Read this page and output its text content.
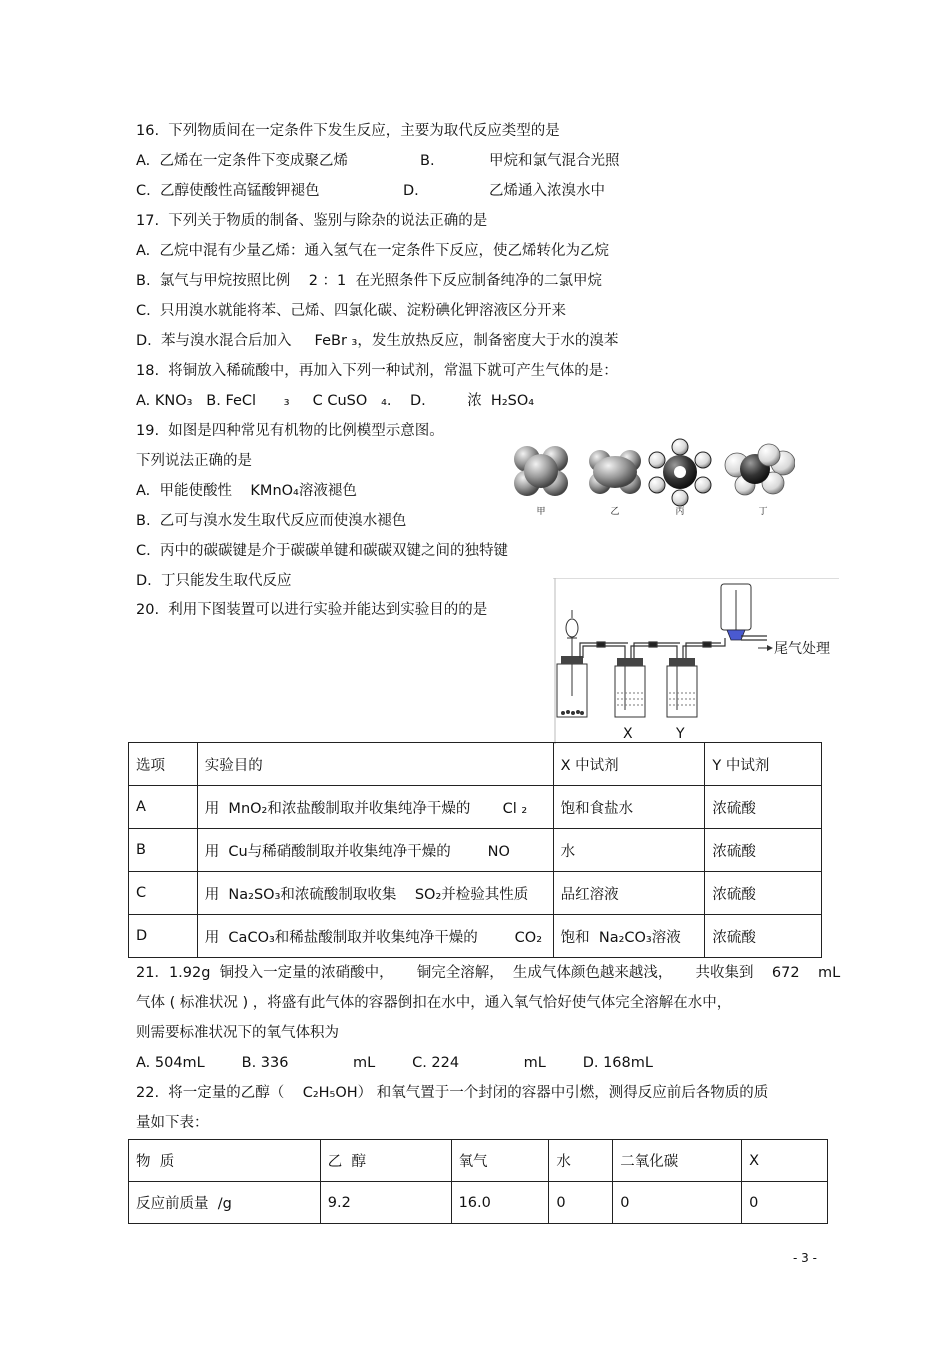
16.  下列物质间在一定条件下发生反应，主要为取代反应类型的是
A.  乙烯在一定条件下变成聚乙烯	B.	甲烷和氯气混合光照
C.  乙醇使酸性高锰酸钾褪色	D.	乙烯通入浓溴水中
17.  下列关于物质的制备、鉴别与除杂的说法正确的是
A.  乙烷中混有少量乙烯：通入氢气在一定条件下反应，使乙烯转化为乙烷
B.  氯气与甲烷按照比例    2 ：1  在光照条件下反应制备纯净的二氯甲烷
C.  只用溴水就能将苯、己烯、四氯化碳、淀粉碘化钾溶液区分开来
D.  苯与溴水混合后加入     FeBr ₃，发生放热反应，制备密度大于水的溴苯
18.  将铜放入稀硫酸中，再加入下列一种试剂，常温下就可产生气体的是：
A. KNO₃   B. FeCl      ₃     C CuSO   ₄.    D.         浓  H₂SO₄
19.  如图是四种常见有机物的比例模型示意图。
下列说法正确的是
A.  甲能使酸性    KMnO₄溶液褪色
B.  乙可与溴水发生取代反应而使溴水褪色
C.  丙中的碳碳键是介于碳碳单键和碳碳双键之间的独特键
D.  丁只能发生取代反应
甲	乙	丙	丁
20.  利用下图装置可以进行实验并能达到实验目的的是
尾气处理
X	Y
选项	实验目的	X 中试剂	Y 中试剂
A	用  MnO₂和浓盐酸制取并收集纯净干燥的       Cl ₂	饱和食盐水	浓硫酸
B	用  Cu与稀硝酸制取并收集纯净干燥的        NO	水	浓硫酸
C	用  Na₂SO₃和浓硫酸制取收集    SO₂并检验其性质	品红溶液	浓硫酸
D	用  CaCO₃和稀盐酸制取并收集纯净干燥的        CO₂	饱和  Na₂CO₃溶液	浓硫酸
21．1.92g  铜投入一定量的浓硝酸中，     铜完全溶解，  生成气体颜色越来越浅，     共收集到    672    mL
气体 ( 标准状况 ) ，将盛有此气体的容器倒扣在水中，通入氧气恰好使气体完全溶解在水中，
则需要标准状况下的氧气体积为
A. 504mL        B. 336              mL        C. 224              mL        D. 168mL
22.  将一定量的乙醇（    C₂H₅OH） 和氧气置于一个封闭的容器中引燃，测得反应前后各物质的质
量如下表：
物  质	乙  醇	氧气	水	二氧化碳	X
反应前质量  /g	9.2	16.0	0	0	0
- 3 -
